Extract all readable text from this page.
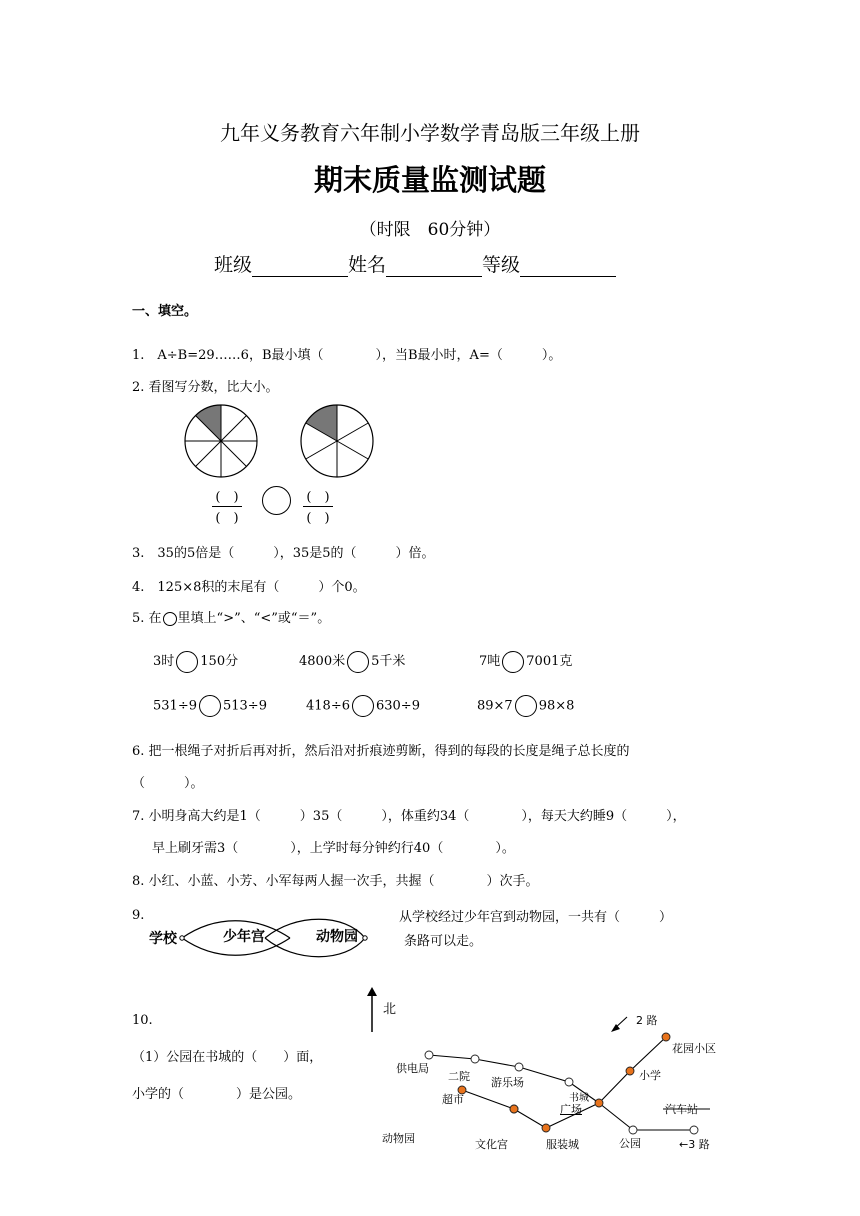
九年义务教育六年制小学数学青岛版三年级上册
期末质量监测试题
（时限　60分钟）
班级	姓名	等级
一、填空。
1.　A÷B=29……6，B最小填（　　　　），当B最小时，A=（　　　）。
2. 看图写分数，比大小。
(　)
(　)
(　)
(　)
3.　35的5倍是（　　　），35是5的（　　　）倍。
4.　125×8积的末尾有（　　　）个0。
5. 在 里填上“>”、“<”或“＝”。
3时 150分	4800米 5千米	7吨 7001克
531÷9 513÷9	418÷6 630÷9	89×7 98×8
6. 把一根绳子对折后再对折，然后沿对折痕迹剪断，得到的每段的长度是绳子总长度的
（　　　）。
7. 小明身高大约是1（　　　）35（　　　），体重约34（　　　　），每天大约睡9（　　　），
早上刷牙需3（　　　　），上学时每分钟约行40（　　　　）。
8. 小红、小蓝、小芳、小军每两人握一次手，共握（　　　　）次手。
9.
学校	少年宫	动物园
从学校经过少年宫到动物园，一共有（　　　）
条路可以走。
10.
（1）公园在书城的（　　）面，
小学的（　　　　）是公园。
北
2 路
花园小区
小学
供电局
二院 游乐场
书城
超市
广场	汽车站
动物园	文化宫	服装城	公园	←3 路
